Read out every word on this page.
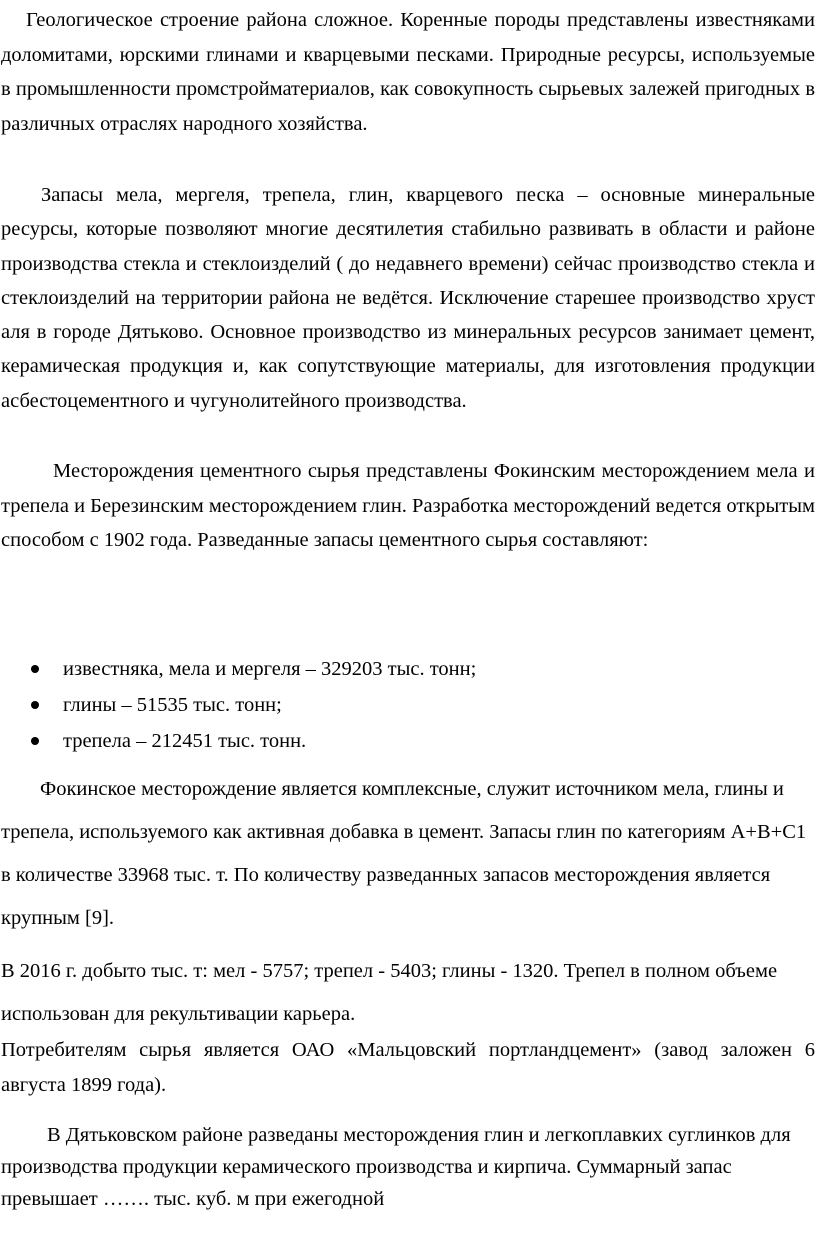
Геологическое строение района сложное. Коренные породы представлены известняками доломитами, юрскими глинами и кварцевыми песками. Природные ресурсы, используемые в промышленности промстройматериалов, как совокупность сырьевых залежей пригодных в различных отраслях народного хозяйства.

Запасы мела, мергеля, трепела, глин, кварцевого песка – основные минеральные ресурсы, которые позволяют многие десятилетия стабильно развивать в области и районе производства стекла и стеклоизделий ( до недавнего времени) сейчас производство стекла и стеклоизделий на территории района не ведётся. Исключение старешее производство хруст аля в городе Дятьково. Основное производство из минеральных ресурсов занимает цемент, керамическая продукция и, как сопутствующие материалы, для изготовления продукции асбестоцементного и чугунолитейного производства.

Месторождения цементного сырья представлены Фокинским месторождением мела и трепела и Березинским месторождением глин. Разработка месторождений ведется открытым способом с 1902 года. Разведанные запасы цементного сырья составляют:

известняка, мела и мергеля – 329203 тыс. тонн;
глины – 51535 тыс. тонн;
трепела – 212451 тыс. тонн.

Фокинское месторождение является комплексные, служит источником мела, глины и трепела, используемого как активная добавка в цемент. Запасы глин по категориям А+В+С1 в количестве 33968 тыс. т. По количеству разведанных запасов месторождения является крупным [9].

В 2016 г. добыто тыс. т: мел - 5757; трепел - 5403; глины - 1320. Трепел в полном объеме использован для рекультивации карьера.

Потребителям сырья является ОАО «Мальцовский портландцемент» (завод заложен 6 августа 1899 года).

В Дятьковском районе разведаны месторождения глин и легкоплавких суглинков для производства продукции керамического производства и кирпича. Суммарный запас превышает ……. тыс. куб. м при ежегодной
